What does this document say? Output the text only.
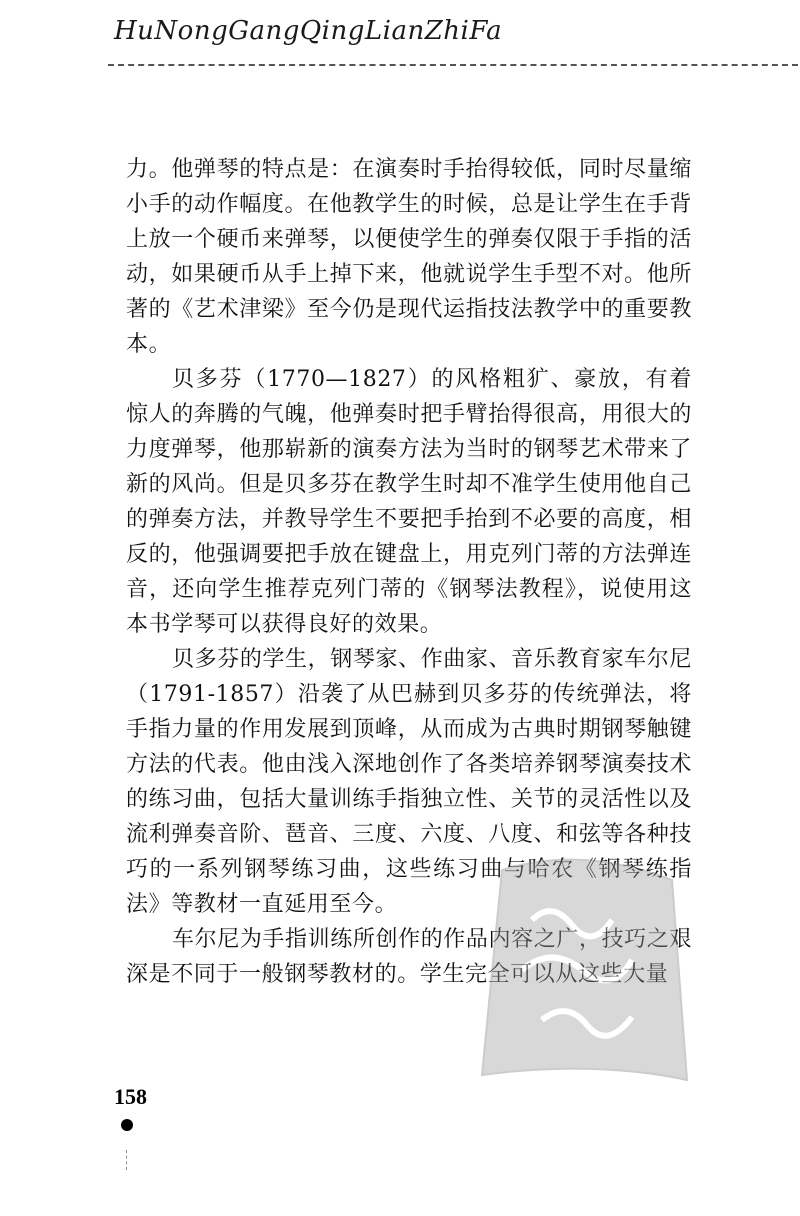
HuNongGangQingLianZhiFa

力。他弹琴的特点是：在演奏时手抬得较低，同时尽量缩小手的动作幅度。在他教学生的时候，总是让学生在手背上放一个硬币来弹琴，以便使学生的弹奏仅限于手指的活动，如果硬币从手上掉下来，他就说学生手型不对。他所著的《艺术津梁》至今仍是现代运指技法教学中的重要教本。

贝多芬（1770—1827）的风格粗犷、豪放，有着惊人的奔腾的气魄，他弹奏时把手臂抬得很高，用很大的力度弹琴，他那崭新的演奏方法为当时的钢琴艺术带来了新的风尚。但是贝多芬在教学生时却不准学生使用他自己的弹奏方法，并教导学生不要把手抬到不必要的高度，相反的，他强调要把手放在键盘上，用克列门蒂的方法弹连音，还向学生推荐克列门蒂的《钢琴法教程》，说使用这本书学琴可以获得良好的效果。

贝多芬的学生，钢琴家、作曲家、音乐教育家车尔尼（1791-1857）沿袭了从巴赫到贝多芬的传统弹法，将手指力量的作用发展到顶峰，从而成为古典时期钢琴触键方法的代表。他由浅入深地创作了各类培养钢琴演奏技术的练习曲，包括大量训练手指独立性、关节的灵活性以及流利弹奏音阶、琶音、三度、六度、八度、和弦等各种技巧的一系列钢琴练习曲，这些练习曲与哈农《钢琴练指法》等教材一直延用至今。

车尔尼为手指训练所创作的作品内容之广，技巧之艰深是不同于一般钢琴教材的。学生完全可以从这些大量

158
